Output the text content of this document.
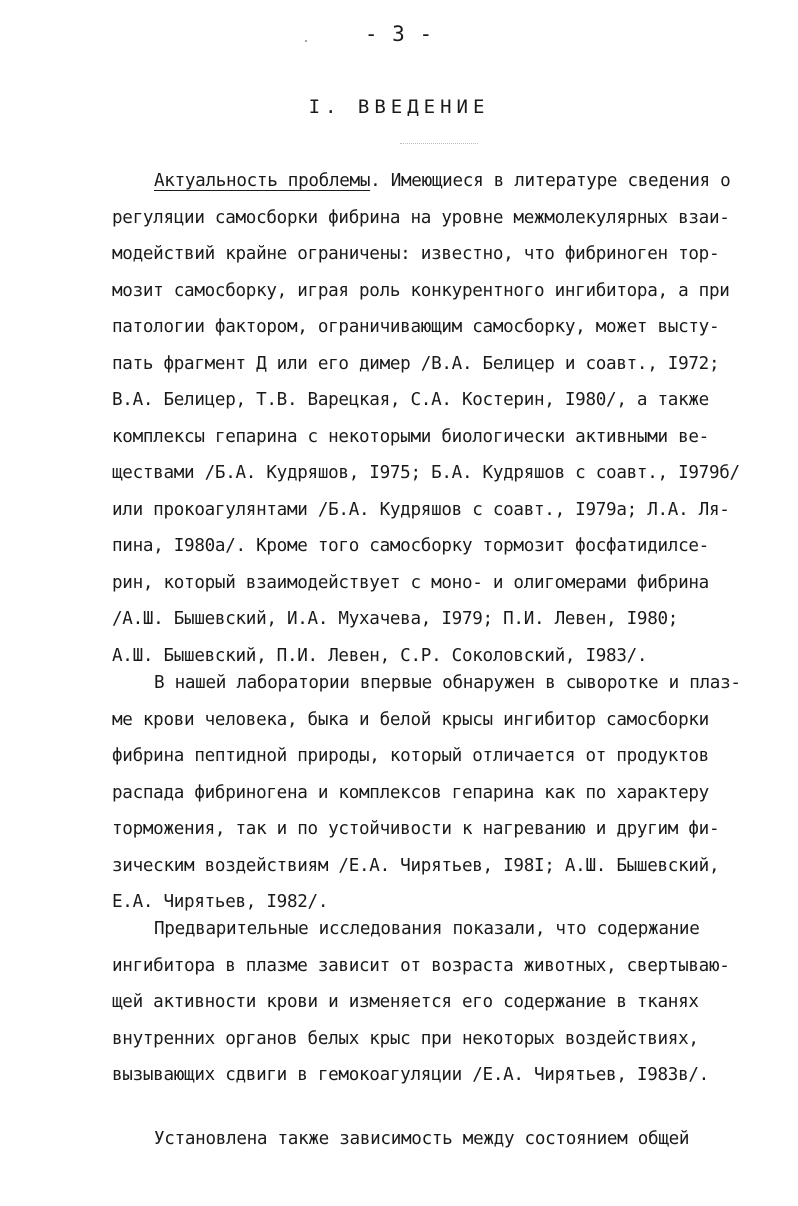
- 3 -
I. ВВЕДЕНИЕ
Актуальность проблемы. Имеющиеся в литературе сведения о
регуляции самосборки фибрина на уровне межмолекулярных взаи-
модействий крайне ограничены: известно, что фибриноген тор-
мозит самосборку, играя роль конкурентного ингибитора, а при
патологии фактором, ограничивающим самосборку, может высту-
пать фрагмент Д или его димер /В.А. Белицер и соавт., I972;
В.А. Белицер, Т.В. Варецкая, С.А. Костерин, I980/, а также
комплексы гепарина с некоторыми биологически активными ве-
ществами /Б.А. Кудряшов, I975; Б.А. Кудряшов с соавт., I979б/
или прокоагулянтами /Б.А. Кудряшов с соавт., I979а; Л.А. Ля-
пина, I980а/. Кроме того самосборку тормозит фосфатидилсе-
рин, который взаимодействует с моно- и олигомерами фибрина
/А.Ш. Бышевский, И.А. Мухачева, I979; П.И. Левен, I980;
А.Ш. Бышевский, П.И. Левен, С.Р. Соколовский, I983/.
В нашей лаборатории впервые обнаружен в сыворотке и плаз-
ме крови человека, быка и белой крысы ингибитор самосборки
фибрина пептидной природы, который отличается от продуктов
распада фибриногена и комплексов гепарина как по характеру
торможения, так и по устойчивости к нагреванию и другим фи-
зическим воздействиям /Е.А. Чирятьев, I98I; А.Ш. Бышевский,
Е.А. Чирятьев, I982/.
Предварительные исследования показали, что содержание
ингибитора в плазме зависит от возраста животных, свертываю-
щей активности крови и изменяется его содержание в тканях
внутренних органов белых крыс при некоторых воздействиях,
вызывающих сдвиги в гемокоагуляции /Е.А. Чирятьев, I983в/.
Установлена также зависимость между состоянием общей
